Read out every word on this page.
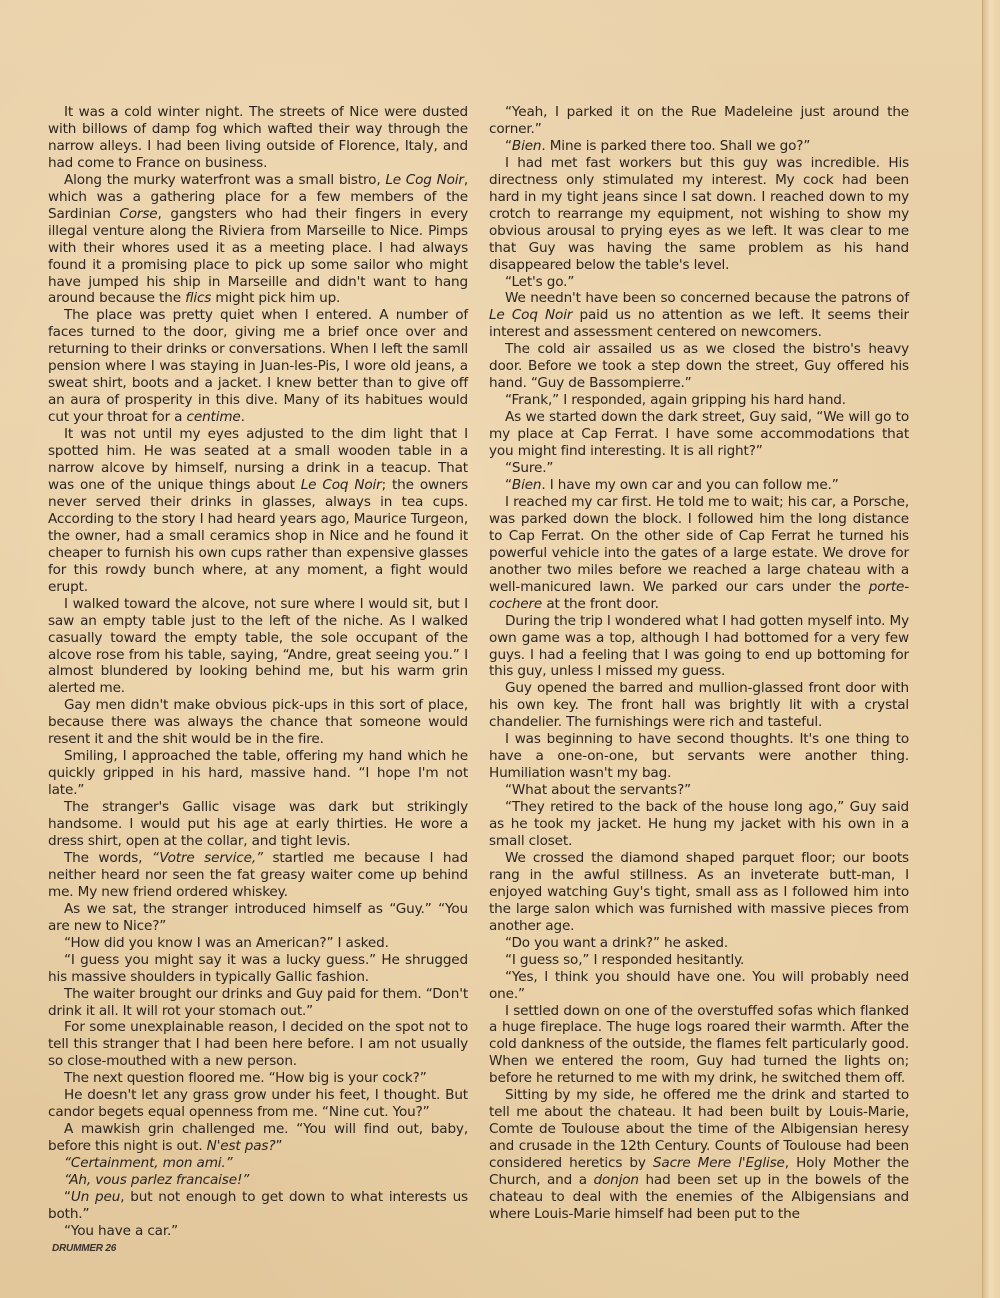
It was a cold winter night. The streets of Nice were dusted with billows of damp fog which wafted their way through the narrow alleys. I had been living outside of Florence, Italy, and had come to France on business.

Along the murky waterfront was a small bistro, Le Cog Noir, which was a gathering place for a few members of the Sardinian Corse, gangsters who had their fingers in every illegal venture along the Riviera from Marseille to Nice. Pimps with their whores used it as a meeting place. I had always found it a promising place to pick up some sailor who might have jumped his ship in Marseille and didn't want to hang around because the flics might pick him up.

The place was pretty quiet when I entered. A number of faces turned to the door, giving me a brief once over and returning to their drinks or conversations. When I left the samll pension where I was staying in Juan-les-Pis, I wore old jeans, a sweat shirt, boots and a jacket. I knew better than to give off an aura of prosperity in this dive. Many of its habitues would cut your throat for a centime.

It was not until my eyes adjusted to the dim light that I spotted him. He was seated at a small wooden table in a narrow alcove by himself, nursing a drink in a teacup. That was one of the unique things about Le Coq Noir; the owners never served their drinks in glasses, always in tea cups. According to the story I had heard years ago, Maurice Turgeon, the owner, had a small ceramics shop in Nice and he found it cheaper to furnish his own cups rather than expensive glasses for this rowdy bunch where, at any moment, a fight would erupt.

I walked toward the alcove, not sure where I would sit, but I saw an empty table just to the left of the niche. As I walked casually toward the empty table, the sole occupant of the alcove rose from his table, saying, “Andre, great seeing you.” I almost blundered by looking behind me, but his warm grin alerted me.

Gay men didn't make obvious pick-ups in this sort of place, because there was always the chance that someone would resent it and the shit would be in the fire.

Smiling, I approached the table, offering my hand which he quickly gripped in his hard, massive hand. “I hope I'm not late.”

The stranger's Gallic visage was dark but strikingly handsome. I would put his age at early thirties. He wore a dress shirt, open at the collar, and tight levis.

The words, “Votre service,” startled me because I had neither heard nor seen the fat greasy waiter come up behind me. My new friend ordered whiskey.

As we sat, the stranger introduced himself as “Guy.” “You are new to Nice?”

“How did you know I was an American?” I asked.

“I guess you might say it was a lucky guess.” He shrugged his massive shoulders in typically Gallic fashion.

The waiter brought our drinks and Guy paid for them. “Don't drink it all. It will rot your stomach out.”

For some unexplainable reason, I decided on the spot not to tell this stranger that I had been here before. I am not usually so close-mouthed with a new person.

The next question floored me. “How big is your cock?”

He doesn't let any grass grow under his feet, I thought. But candor begets equal openness from me. “Nine cut. You?”

A mawkish grin challenged me. “You will find out, baby, before this night is out. N'est pas?”

“Certainment, mon ami.”

“Ah, vous parlez francaise!”

“Un peu, but not enough to get down to what interests us both.”

“You have a car.”

“Yeah, I parked it on the Rue Madeleine just around the corner.”

“Bien. Mine is parked there too. Shall we go?”

I had met fast workers but this guy was incredible. His directness only stimulated my interest. My cock had been hard in my tight jeans since I sat down. I reached down to my crotch to rearrange my equipment, not wishing to show my obvious arousal to prying eyes as we left. It was clear to me that Guy was having the same problem as his hand disappeared below the table's level.

“Let's go.”

We needn't have been so concerned because the patrons of Le Coq Noir paid us no attention as we left. It seems their interest and assessment centered on newcomers.

The cold air assailed us as we closed the bistro's heavy door. Before we took a step down the street, Guy offered his hand. “Guy de Bassompierre.”

“Frank,” I responded, again gripping his hard hand.

As we started down the dark street, Guy said, “We will go to my place at Cap Ferrat. I have some accommodations that you might find interesting. It is all right?”

“Sure.”

“Bien. I have my own car and you can follow me.”

I reached my car first. He told me to wait; his car, a Porsche, was parked down the block. I followed him the long distance to Cap Ferrat. On the other side of Cap Ferrat he turned his powerful vehicle into the gates of a large estate. We drove for another two miles before we reached a large chateau with a well-manicured lawn. We parked our cars under the porte-cochere at the front door.

During the trip I wondered what I had gotten myself into. My own game was a top, although I had bottomed for a very few guys. I had a feeling that I was going to end up bottoming for this guy, unless I missed my guess.

Guy opened the barred and mullion-glassed front door with his own key. The front hall was brightly lit with a crystal chandelier. The furnishings were rich and tasteful.

I was beginning to have second thoughts. It's one thing to have a one-on-one, but servants were another thing. Humiliation wasn't my bag.

“What about the servants?”

“They retired to the back of the house long ago,” Guy said as he took my jacket. He hung my jacket with his own in a small closet.

We crossed the diamond shaped parquet floor; our boots rang in the awful stillness. As an inveterate butt-man, I enjoyed watching Guy's tight, small ass as I followed him into the large salon which was furnished with massive pieces from another age.

“Do you want a drink?” he asked.

“I guess so,” I responded hesitantly.

“Yes, I think you should have one. You will probably need one.”

I settled down on one of the overstuffed sofas which flanked a huge fireplace. The huge logs roared their warmth. After the cold dankness of the outside, the flames felt particularly good. When we entered the room, Guy had turned the lights on; before he returned to me with my drink, he switched them off.

Sitting by my side, he offered me the drink and started to tell me about the chateau. It had been built by Louis-Marie, Comte de Toulouse about the time of the Albigensian heresy and crusade in the 12th Century. Counts of Toulouse had been considered heretics by Sacre Mere l'Eglise, Holy Mother the Church, and a donjon had been set up in the bowels of the chateau to deal with the enemies of the Albigensians and where Louis-Marie himself had been put to the

DRUMMER 26
